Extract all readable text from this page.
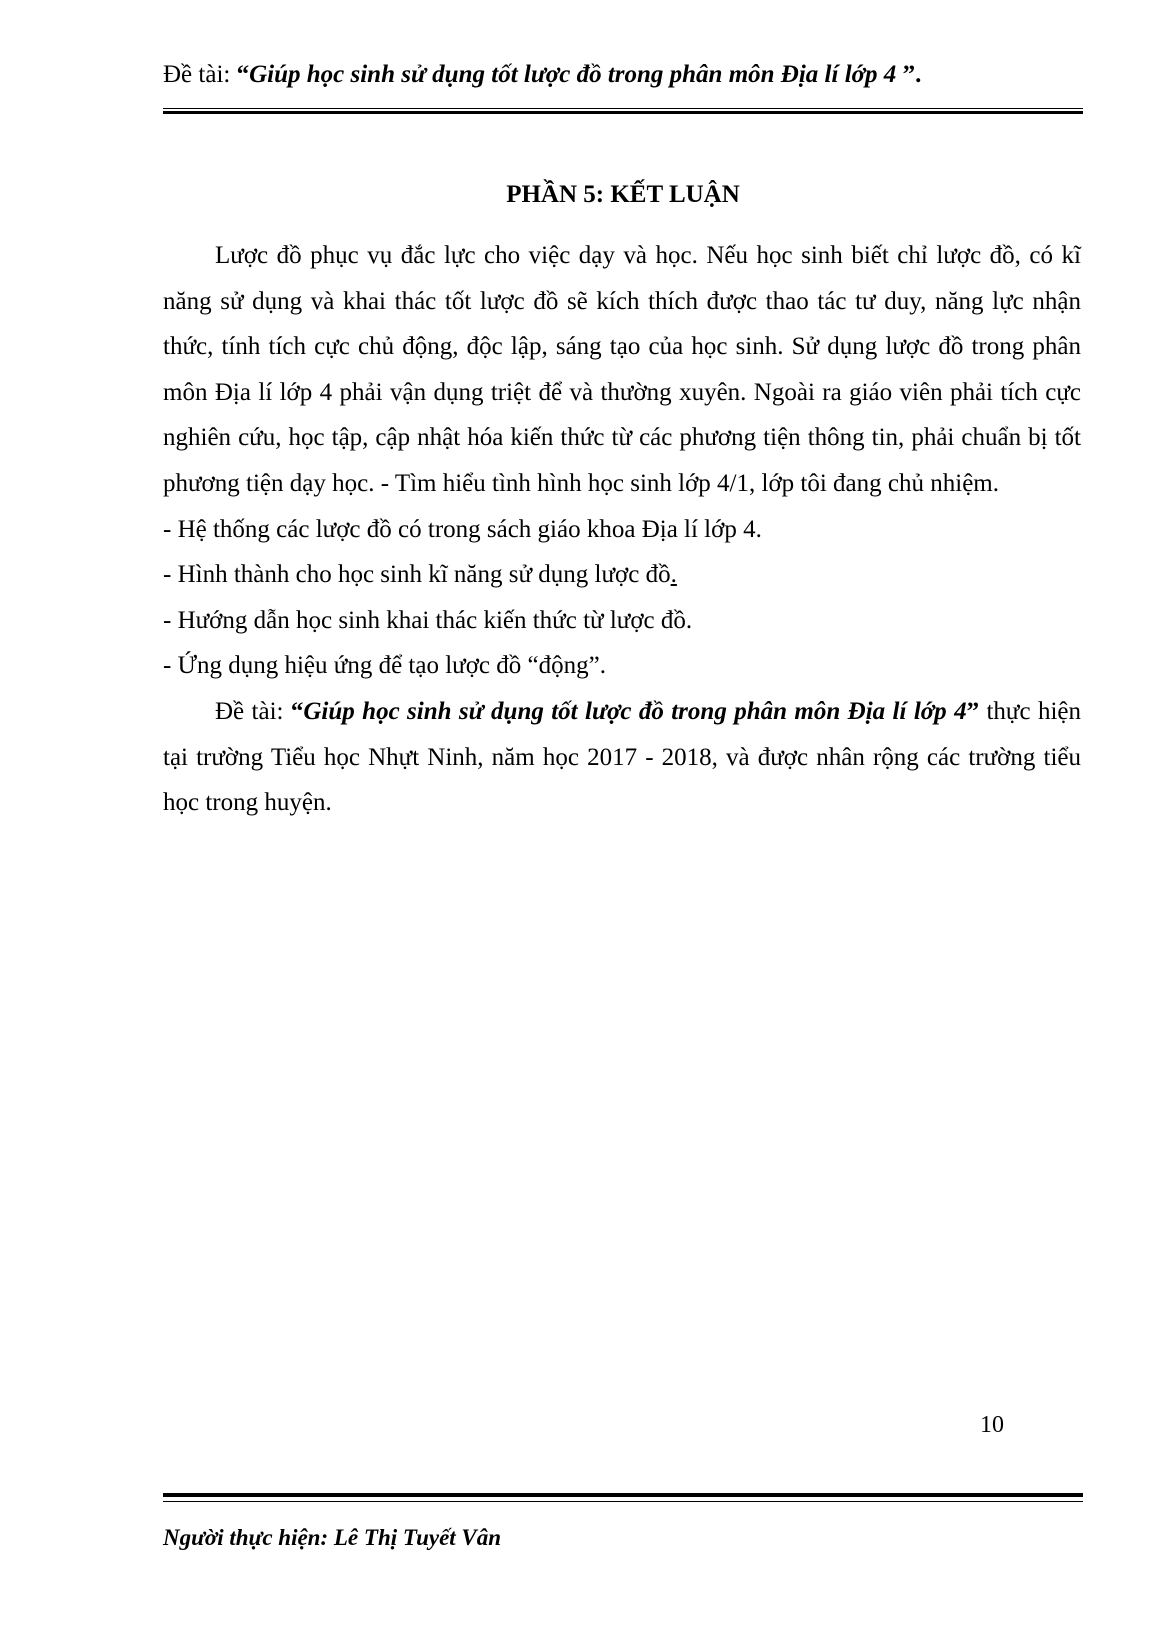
Đề tài: “Giúp học sinh sử dụng tốt lược đồ trong phân môn Địa lí lớp 4 ”.
PHẦN 5: KẾT LUẬN

Lược đồ phục vụ đắc lực cho việc dạy và học. Nếu học sinh biết chỉ lược đồ, có kĩ năng sử dụng và khai thác tốt lược đồ sẽ kích thích được thao tác tư duy, năng lực nhận thức, tính tích cực chủ động, độc lập, sáng tạo của học sinh. Sử dụng lược đồ trong phân môn Địa lí lớp 4 phải vận dụng triệt để và thường xuyên. Ngoài ra giáo viên phải tích cực nghiên cứu, học tập, cập nhật hóa kiến thức từ các phương tiện thông tin, phải chuẩn bị tốt phương tiện dạy học. - Tìm hiểu tình hình học sinh lớp 4/1, lớp tôi đang chủ nhiệm.

- Hệ thống các lược đồ có trong sách giáo khoa Địa lí lớp 4.

- Hình thành cho học sinh kĩ năng sử dụng lược đồ.

- Hướng dẫn học sinh khai thác kiến thức từ lược đồ.

- Ứng dụng hiệu ứng để tạo lược đồ “động”.

Đề tài: “Giúp học sinh sử dụng tốt lược đồ trong phân môn Địa lí lớp 4” thực hiện tại trường Tiểu học Nhựt Ninh, năm học 2017 - 2018, và được nhân rộng các trường tiểu học trong huyện.

10
Người thực hiện: Lê Thị Tuyết Vân
